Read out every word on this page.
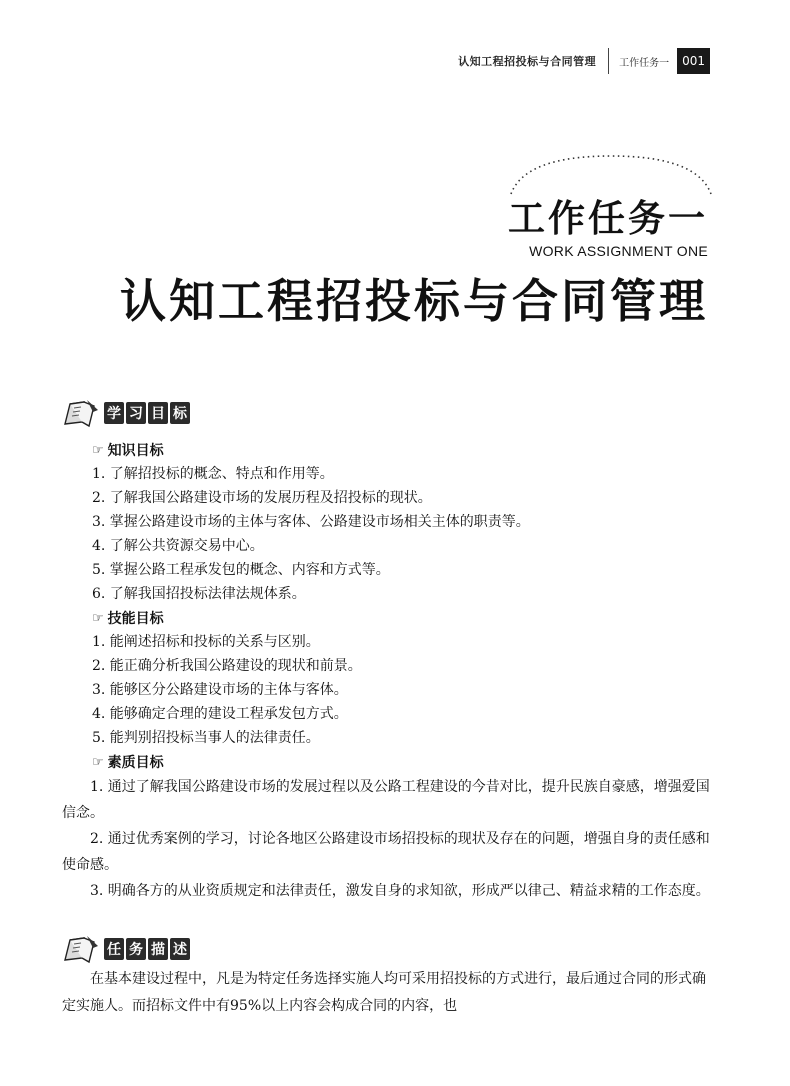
认知工程招投标与合同管理	工作任务一	001
工作任务一
WORK ASSIGNMENT ONE
认知工程招投标与合同管理
学 习 目 标
☞ 知识目标
1. 了解招投标的概念、特点和作用等。
2. 了解我国公路建设市场的发展历程及招投标的现状。
3. 掌握公路建设市场的主体与客体、公路建设市场相关主体的职责等。
4. 了解公共资源交易中心。
5. 掌握公路工程承发包的概念、内容和方式等。
6. 了解我国招投标法律法规体系。
☞ 技能目标
1. 能阐述招标和投标的关系与区别。
2. 能正确分析我国公路建设的现状和前景。
3. 能够区分公路建设市场的主体与客体。
4. 能够确定合理的建设工程承发包方式。
5. 能判别招投标当事人的法律责任。
☞ 素质目标

1. 通过了解我国公路建设市场的发展过程以及公路工程建设的今昔对比，提升民族自豪感，增强爱国信念。

2. 通过优秀案例的学习，讨论各地区公路建设市场招投标的现状及存在的问题，增强自身的责任感和使命感。

3. 明确各方的从业资质规定和法律责任，激发自身的求知欲，形成严以律己、精益求精的工作态度。

任 务 描 述

在基本建设过程中，凡是为特定任务选择实施人均可采用招投标的方式进行，最后通过合同的形式确定实施人。而招标文件中有95%以上内容会构成合同的内容，也
